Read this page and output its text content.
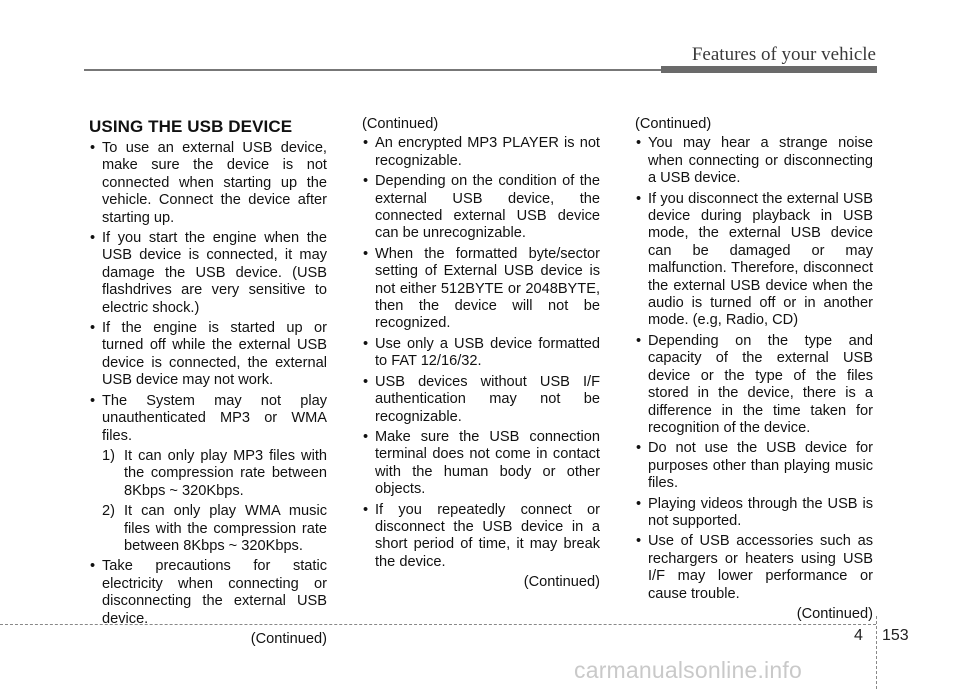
Features of your vehicle
USING THE USB DEVICE
• To use an external USB device, make sure the device is not connected when starting up the vehicle. Connect the device after starting up.
• If you start the engine when the USB device is connected, it may damage the USB device. (USB flashdrives are very sensitive to electric shock.)
• If the engine is started up or turned off while the external USB device is connected, the external USB device may not work.
• The System may not play unauthenticated MP3 or WMA files.
1) It can only play MP3 files with the compression rate between 8Kbps ~ 320Kbps.
2) It can only play WMA music files with the compression rate between 8Kbps ~ 320Kbps.
• Take precautions for static electricity when connecting or disconnecting the external USB device.
(Continued)
(Continued)
• An encrypted MP3 PLAYER is not recognizable.
• Depending on the condition of the external USB device, the connected external USB device can be unrecognizable.
• When the formatted byte/sector setting of External USB device is not either 512BYTE or 2048BYTE, then the device will not be recognized.
• Use only a USB device formatted to FAT 12/16/32.
• USB devices without USB I/F authentication may not be recognizable.
• Make sure the USB connection terminal does not come in contact with the human body or other objects.
• If you repeatedly connect or disconnect the USB device in a short period of time, it may break the device.
(Continued)
(Continued)
• You may hear a strange noise when connecting or disconnecting a USB device.
• If you disconnect the external USB device during playback in USB mode, the external USB device can be damaged or may malfunction. Therefore, disconnect the external USB device when the audio is turned off or in another mode. (e.g, Radio, CD)
• Depending on the type and capacity of the external USB device or the type of the files stored in the device, there is a difference in the time taken for recognition of the device.
• Do not use the USB device for purposes other than playing music files.
• Playing videos through the USB is not supported.
• Use of USB accessories such as rechargers or heaters using USB I/F may lower performance or cause trouble.
(Continued)
4 153
carmanualsonline.info
